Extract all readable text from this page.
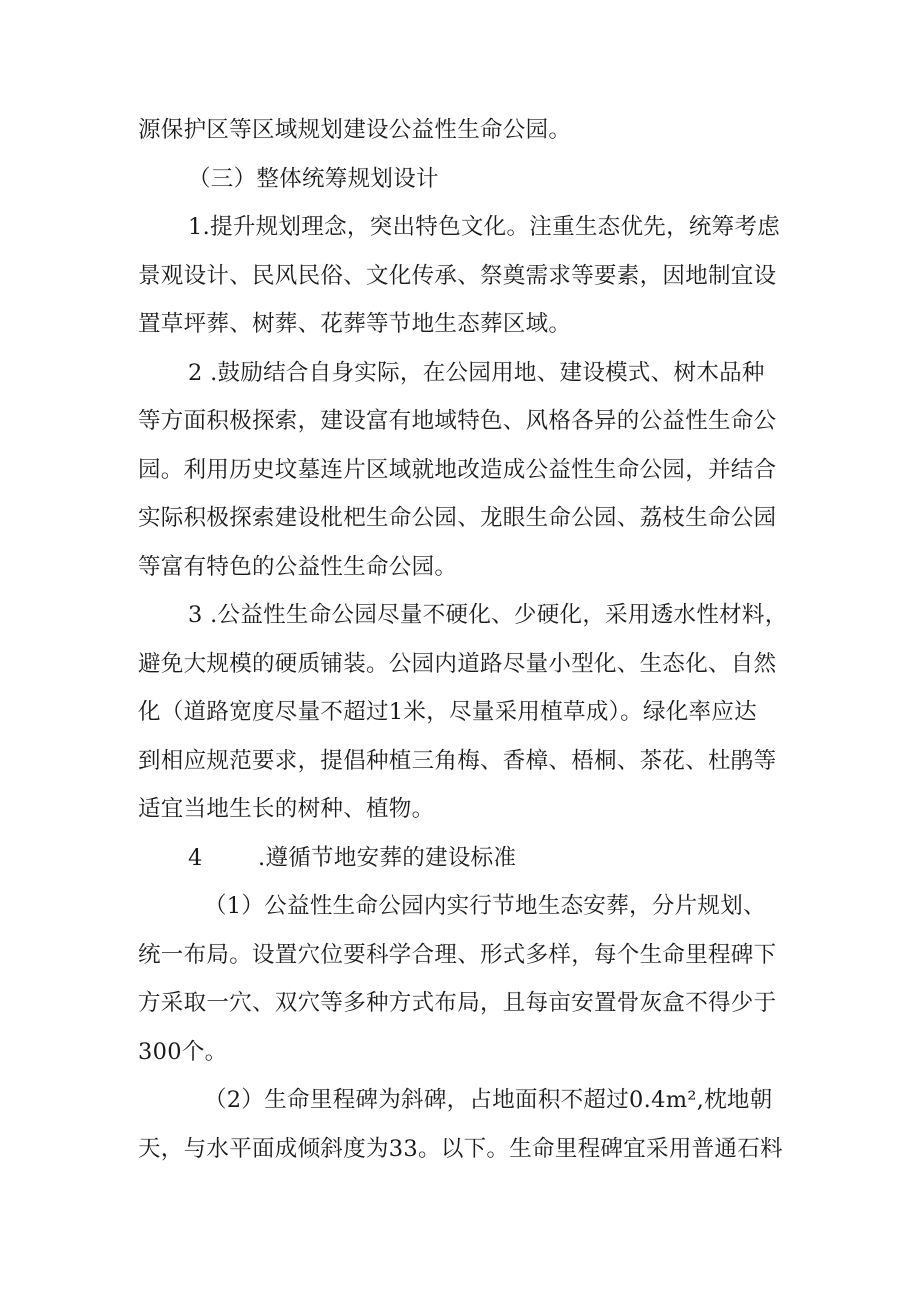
源保护区等区域规划建设公益性生命公园。
（三）整体统筹规划设计
1.提升规划理念，突出特色文化。注重生态优先，统筹考虑
景观设计、民风民俗、文化传承、祭奠需求等要素，因地制宜设
置草坪葬、树葬、花葬等节地生态葬区域。
2 .鼓励结合自身实际，在公园用地、建设模式、树木品种
等方面积极探索，建设富有地域特色、风格各异的公益性生命公
园。利用历史坟墓连片区域就地改造成公益性生命公园，并结合
实际积极探索建设枇杷生命公园、龙眼生命公园、荔枝生命公园
等富有特色的公益性生命公园。
3 .公益性生命公园尽量不硬化、少硬化，采用透水性材料，
避免大规模的硬质铺装。公园内道路尽量小型化、生态化、自然
化（道路宽度尽量不超过1米，尽量采用植草成）。绿化率应达
到相应规范要求，提倡种植三角梅、香樟、梧桐、茶花、杜鹃等
适宜当地生长的树种、植物。
4 .遵循节地安葬的建设标准
（1）公益性生命公园内实行节地生态安葬，分片规划、
统一布局。设置穴位要科学合理、形式多样，每个生命里程碑下
方采取一穴、双穴等多种方式布局，且每亩安置骨灰盒不得少于
300个。
（2）生命里程碑为斜碑，占地面积不超过0.4m²,枕地朝
天，与水平面成倾斜度为33。以下。生命里程碑宜采用普通石料
